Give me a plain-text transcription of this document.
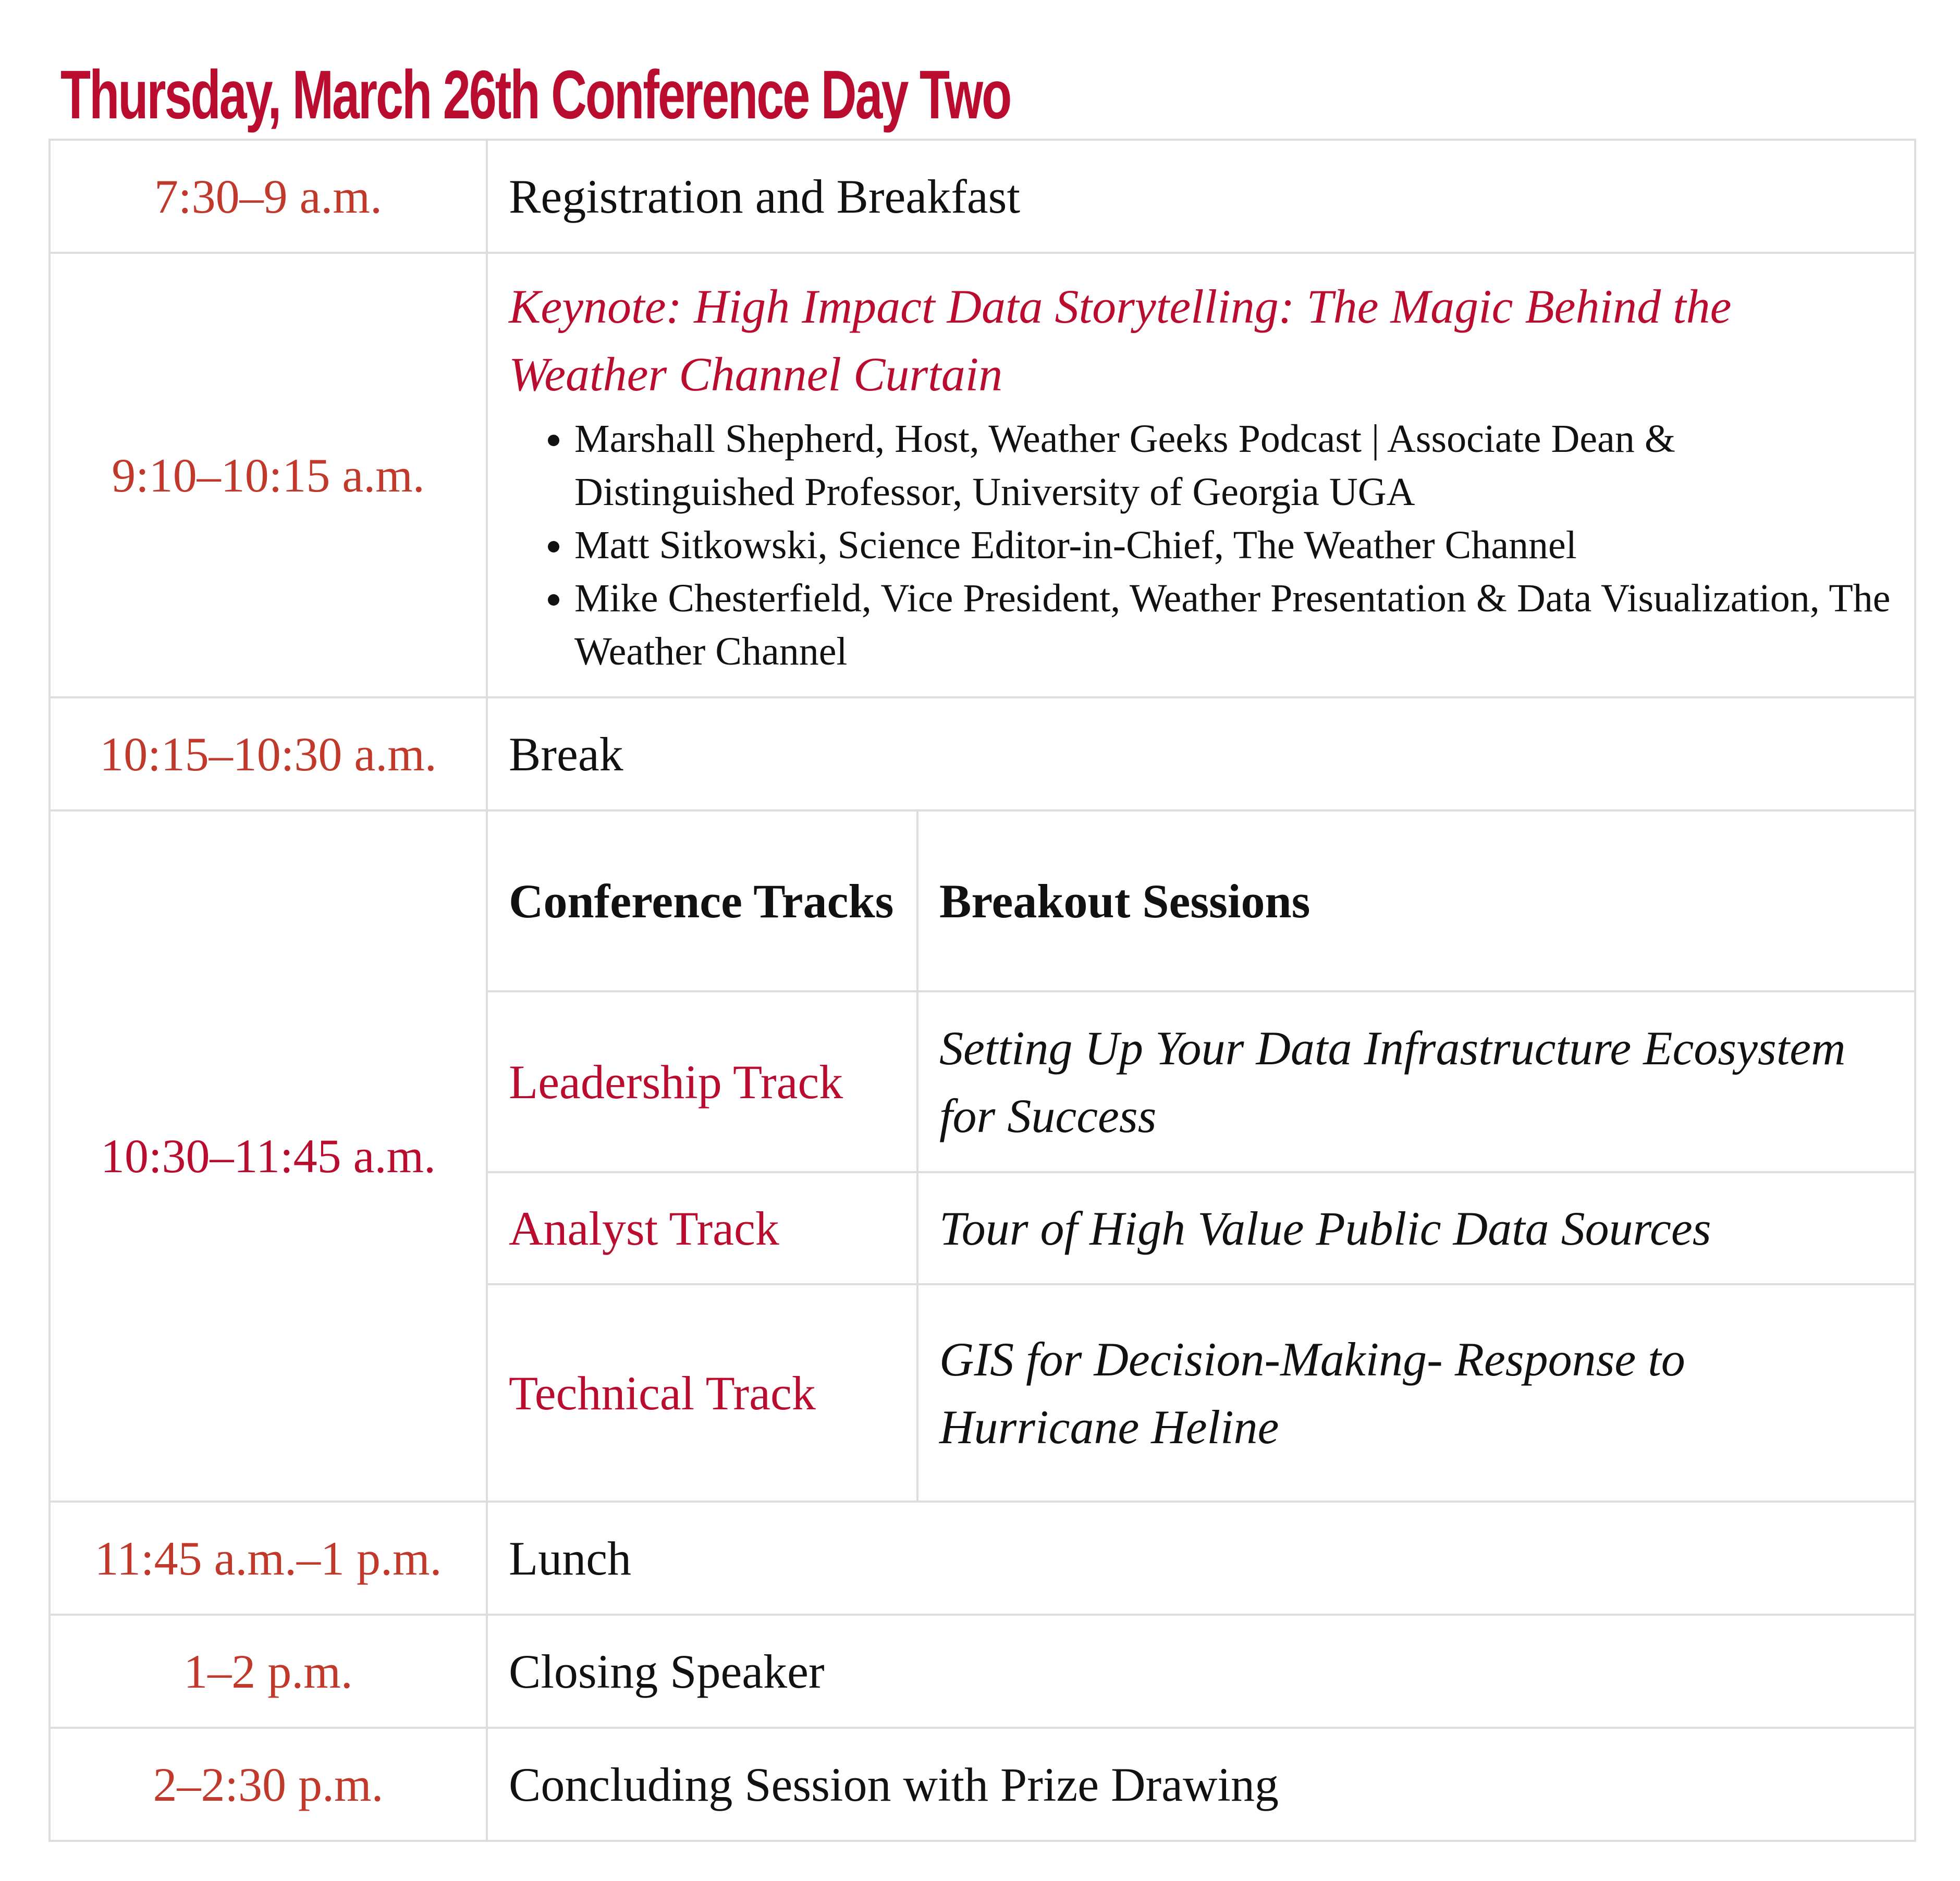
Thursday, March 26th Conference Day Two
7:30–9 a.m.	Registration and Breakfast
9:10–10:15 a.m.	

Keynote: High Impact Data Storytelling: The Magic Behind the Weather Channel Curtain

• Marshall Shepherd, Host, Weather Geeks Podcast | Associate Dean & Distinguished Professor, University of Georgia UGA
• Matt Sitkowski, Science Editor-in-Chief, The Weather Channel
• Mike Chesterfield, Vice President, Weather Presentation & Data Visualization, The Weather Channel

10:15–10:30 a.m.	Break
10:30–11:45 a.m.	
Conference Tracks	Breakout Sessions
Leadership Track	Setting Up Your Data Infrastructure Ecosystem for Success
Analyst Track	Tour of High Value Public Data Sources
Technical Track	GIS for Decision-Making- Response to Hurricane Heline

11:45 a.m.–1 p.m.	Lunch
1–2 p.m.	Closing Speaker
2–2:30 p.m.	Concluding Session with Prize Drawing
